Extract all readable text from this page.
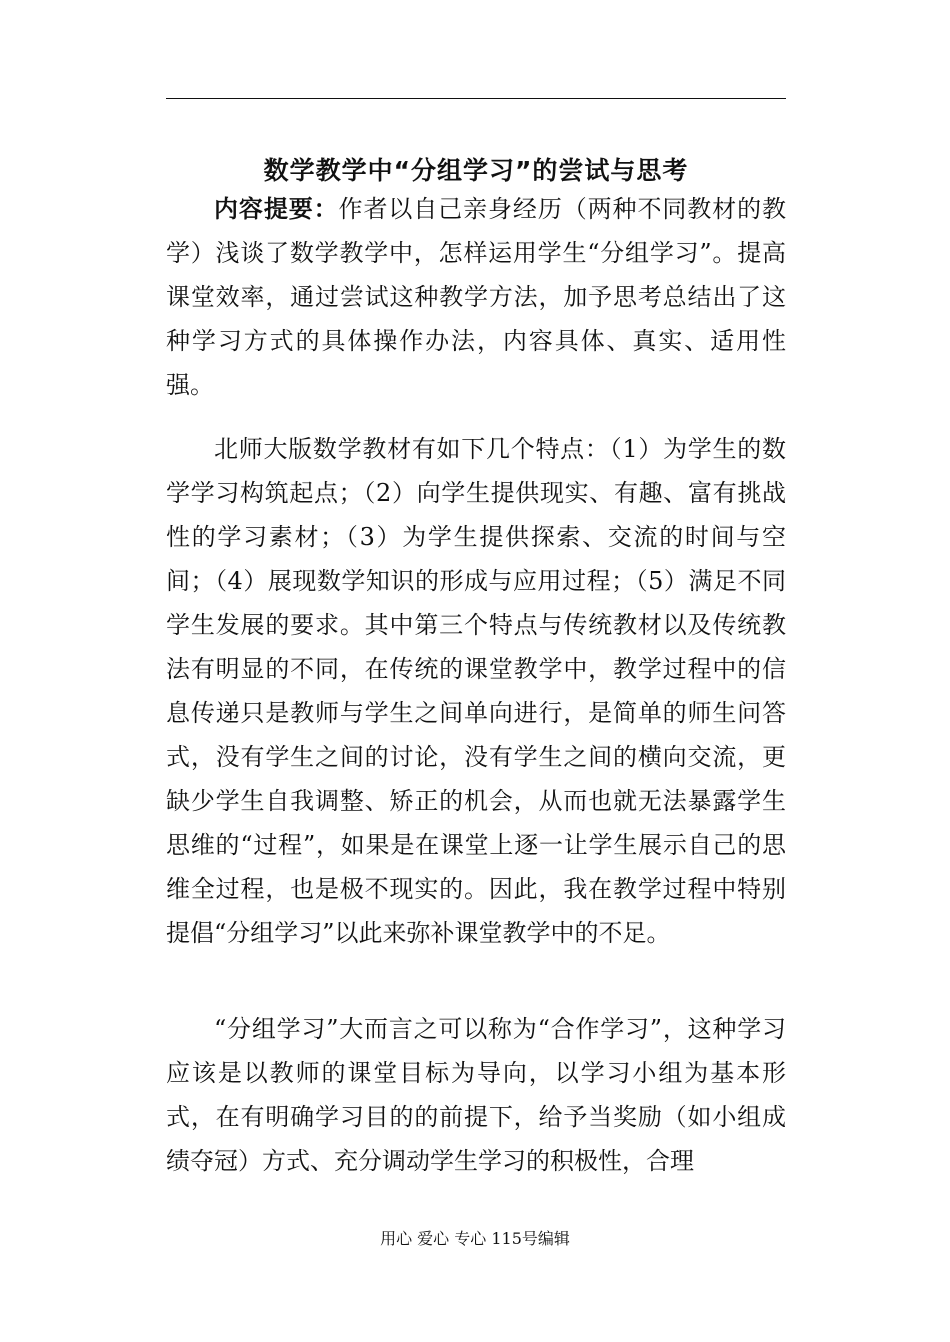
数学教学中“分组学习”的尝试与思考

内容提要：作者以自己亲身经历（两种不同教材的教学）浅谈了数学教学中，怎样运用学生“分组学习”。提高课堂效率，通过尝试这种教学方法，加予思考总结出了这种学习方式的具体操作办法，内容具体、真实、适用性强。

北师大版数学教材有如下几个特点：（1）为学生的数学学习构筑起点；（2）向学生提供现实、有趣、富有挑战性的学习素材；（3）为学生提供探索、交流的时间与空间；（4）展现数学知识的形成与应用过程；（5）满足不同学生发展的要求。其中第三个特点与传统教材以及传统教法有明显的不同，在传统的课堂教学中，教学过程中的信息传递只是教师与学生之间单向进行，是简单的师生问答式，没有学生之间的讨论，没有学生之间的横向交流，更缺少学生自我调整、矫正的机会，从而也就无法暴露学生思维的“过程”，如果是在课堂上逐一让学生展示自己的思维全过程，也是极不现实的。因此，我在教学过程中特别提倡“分组学习”以此来弥补课堂教学中的不足。

“分组学习”大而言之可以称为“合作学习”，这种学习应该是以教师的课堂目标为导向，以学习小组为基本形式，在有明确学习目的的前提下，给予当奖励（如小组成绩夺冠）方式、充分调动学生学习的积极性，合理

用心 爱心 专心 115号编辑
